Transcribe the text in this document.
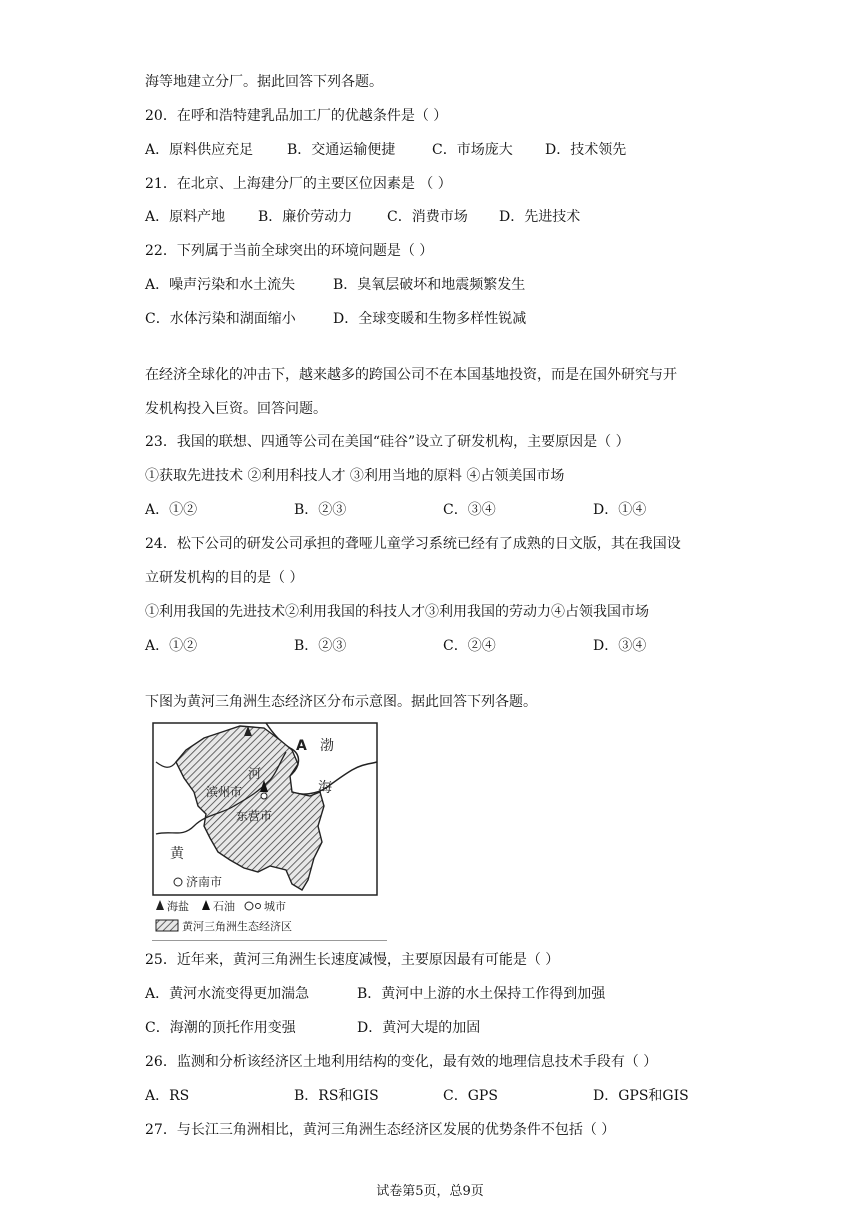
海等地建立分厂。据此回答下列各题。
20．在呼和浩特建乳品加工厂的优越条件是（ ）
A．原料供应充足 B．交通运输便捷	C．市场庞大 D．技术领先
21．在北京、上海建分厂的主要区位因素是 （ ）
A．原料产地 B．廉价劳动力 C．消费市场 D．先进技术
22．下列属于当前全球突出的环境问题是（ ）
A．噪声污染和水土流失	B．臭氧层破坏和地震频繁发生
C．水体污染和湖面缩小	D．全球变暖和生物多样性锐减
在经济全球化的冲击下，越来越多的跨国公司不在本国基地投资，而是在国外研究与开
发机构投入巨资。回答问题。
23．我国的联想、四通等公司在美国“硅谷”设立了研发机构，主要原因是（ ）
①获取先进技术 ②利用科技人才 ③利用当地的原料 ④占领美国市场
A．①②	B．②③	C．③④	D．①④
24．松下公司的研发公司承担的聋哑儿童学习系统已经有了成熟的日文版，其在我国设
立研发机构的目的是（ ）
①利用我国的先进技术②利用我国的科技人才③利用我国的劳动力④占领我国市场
A．①②	B．②③	C．②④	D．③④
下图为黄河三角洲生态经济区分布示意图。据此回答下列各题。
A 渤
海
河
黄
滨州市
东营市
济南市
海盐 石油	城市
黄河三角洲生态经济区
25．近年来，黄河三角洲生长速度减慢，主要原因最有可能是（ ）
A．黄河水流变得更加湍急	B．黄河中上游的水土保持工作得到加强
C．海潮的顶托作用变强	D．黄河大堤的加固
26．监测和分析该经济区土地利用结构的变化，最有效的地理信息技术手段有（ ）
A．RS	B．RS和GIS	C．GPS	D．GPS和GIS
27．与长江三角洲相比，黄河三角洲生态经济区发展的优势条件不包括（ ）
试卷第5页，总9页
